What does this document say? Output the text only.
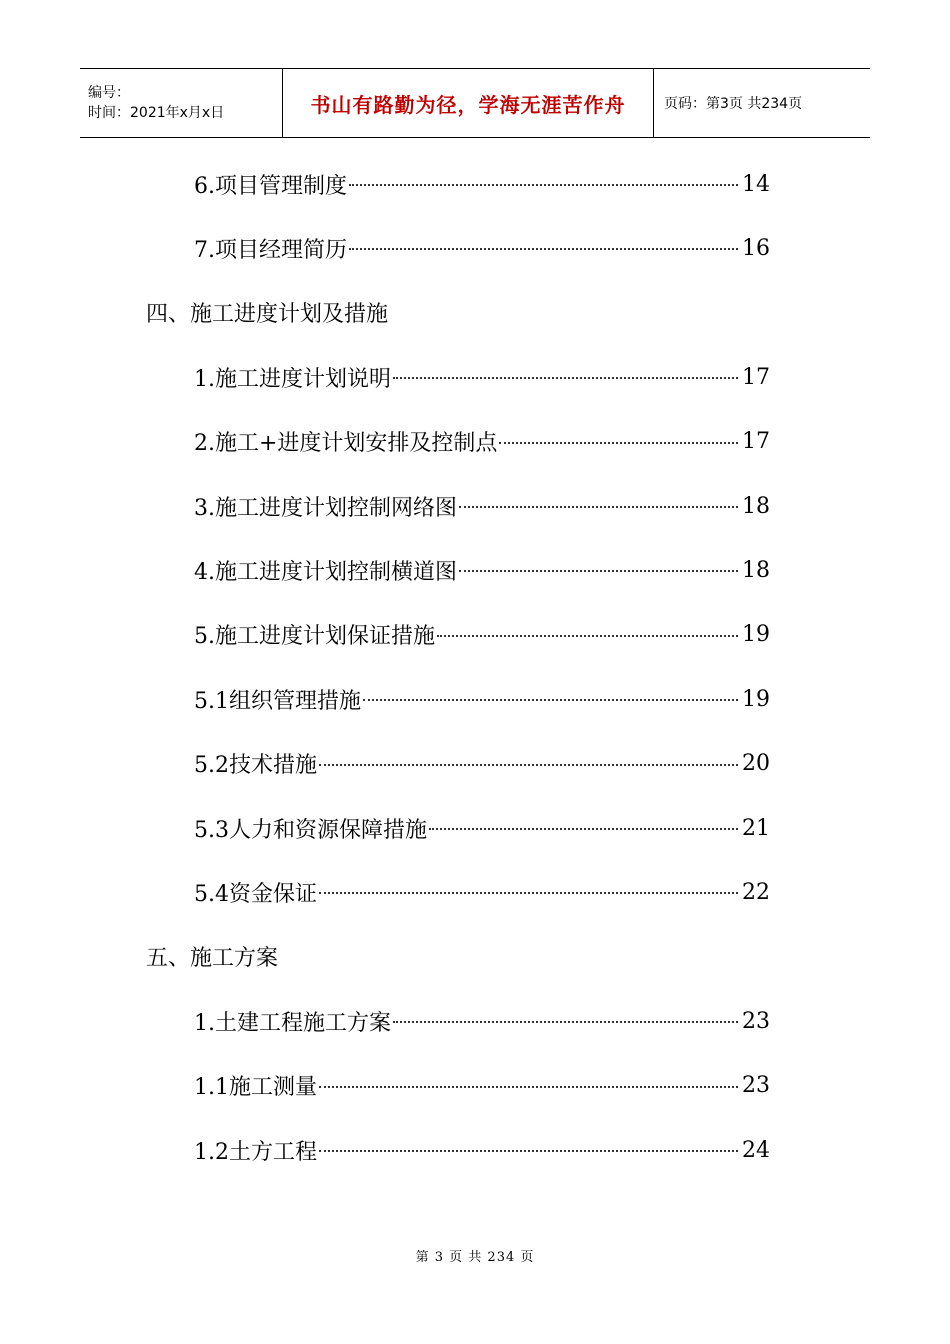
编号：
时间：2021年x月x日	书山有路勤为径，学海无涯苦作舟	页码：第3页 共234页
6.项目管理制度	14
7.项目经理简历	16
四、施工进度计划及措施
1.施工进度计划说明	17
2.施工+进度计划安排及控制点	17
3.施工进度计划控制网络图	18
4.施工进度计划控制横道图	18
5.施工进度计划保证措施	19
5.1组织管理措施	19
5.2技术措施	20
5.3人力和资源保障措施	21
5.4资金保证	22
五、施工方案
1.土建工程施工方案	23
1.1施工测量	23
1.2土方工程	24
第 3 页 共 234 页
